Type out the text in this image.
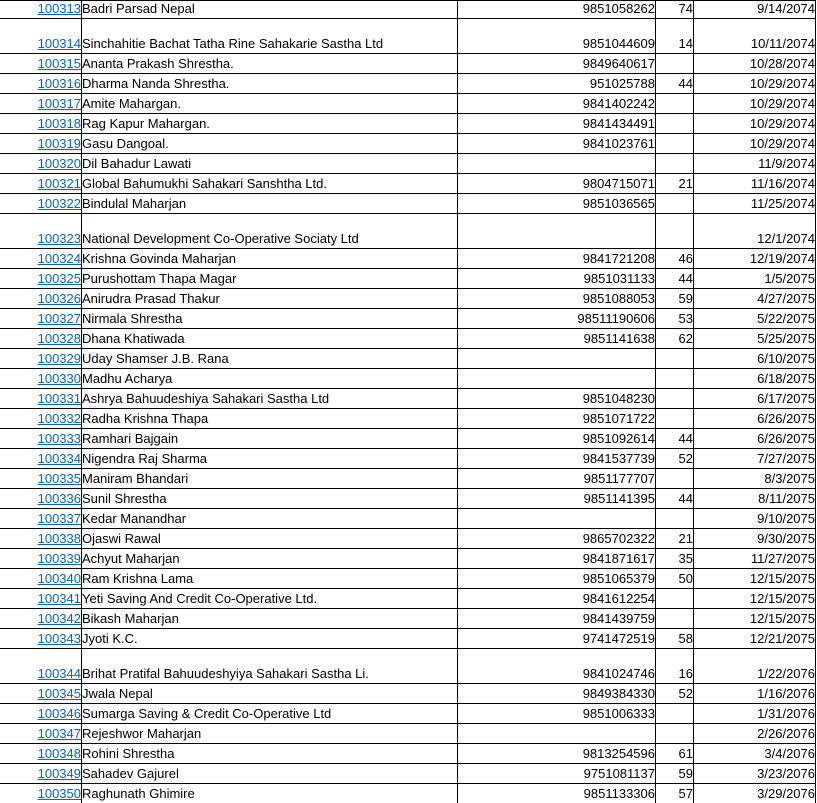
100313	Badri Parsad Nepal	9851058262	74	9/14/2074
100314	Sinchahitie Bachat Tatha Rine Sahakarie Sastha Ltd	9851044609	14	10/11/2074
100315	Ananta Prakash Shrestha.	9849640617		10/28/2074
100316	Dharma Nanda Shrestha.	951025788	44	10/29/2074
100317	Amite Mahargan.	9841402242		10/29/2074
100318	Rag Kapur Mahargan.	9841434491		10/29/2074
100319	Gasu Dangoal.	9841023761		10/29/2074
100320	Dil Bahadur Lawati			11/9/2074
100321	Global Bahumukhi Sahakari Sanshtha Ltd.	9804715071	21	11/16/2074
100322	Bindulal Maharjan	9851036565		11/25/2074
100323	National Development Co-Operative Sociaty Ltd			12/1/2074
100324	Krishna Govinda Maharjan	9841721208	46	12/19/2074
100325	Purushottam Thapa Magar	9851031133	44	1/5/2075
100326	Anirudra Prasad Thakur	9851088053	59	4/27/2075
100327	Nirmala Shrestha	98511190606	53	5/22/2075
100328	Dhana Khatiwada	9851141638	62	5/25/2075
100329	Uday Shamser J.B. Rana			6/10/2075
100330	Madhu Acharya			6/18/2075
100331	Ashrya Bahuudeshiya Sahakari Sastha Ltd	9851048230		6/17/2075
100332	Radha Krishna Thapa	9851071722		6/26/2075
100333	Ramhari Bajgain	9851092614	44	6/26/2075
100334	Nigendra Raj Sharma	9841537739	52	7/27/2075
100335	Maniram Bhandari	9851177707		8/3/2075
100336	Sunil Shrestha	9851141395	44	8/11/2075
100337	Kedar Manandhar			9/10/2075
100338	Ojaswi Rawal	9865702322	21	9/30/2075
100339	Achyut Maharjan	9841871617	35	11/27/2075
100340	Ram Krishna Lama	9851065379	50	12/15/2075
100341	Yeti Saving And Credit Co-Operative Ltd.	9841612254		12/15/2075
100342	Bikash Maharjan	9841439759		12/15/2075
100343	Jyoti K.C.	9741472519	58	12/21/2075
100344	Brihat Pratifal Bahuudeshyiya Sahakari Sastha Li.	9841024746	16	1/22/2076
100345	Jwala Nepal	9849384330	52	1/16/2076
100346	Sumarga Saving & Credit Co-Operative Ltd	9851006333		1/31/2076
100347	Rejeshwor Maharjan			2/26/2076
100348	Rohini Shrestha	9813254596	61	3/4/2076
100349	Sahadev Gajurel	9751081137	59	3/23/2076
100350	Raghunath Ghimire	9851133306	57	3/29/2076
